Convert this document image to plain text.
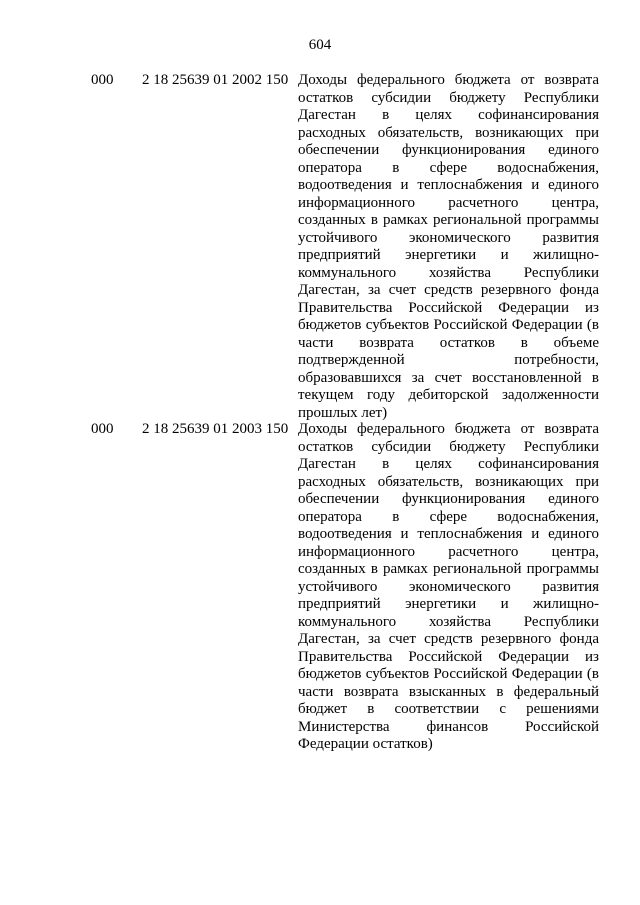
604
000 2 18 25639 01 2002 150 Доходы федерального бюджета от возврата
остатков субсидии бюджету Республики
Дагестан в целях софинансирования
расходных обязательств, возникающих при
обеспечении функционирования единого
оператора в сфере водоснабжения,
водоотведения и теплоснабжения и единого
информационного расчетного центра,
созданных в рамках региональной программы
устойчивого экономического развития
предприятий энергетики и жилищно-
коммунального хозяйства Республики
Дагестан, за счет средств резервного фонда
Правительства Российской Федерации из
бюджетов субъектов Российской Федерации (в
части возврата остатков в объеме
подтвержденной потребности,
образовавшихся за счет восстановленной в
текущем году дебиторской задолженности
прошлых лет)
000 2 18 25639 01 2003 150 Доходы федерального бюджета от возврата
остатков субсидии бюджету Республики
Дагестан в целях софинансирования
расходных обязательств, возникающих при
обеспечении функционирования единого
оператора в сфере водоснабжения,
водоотведения и теплоснабжения и единого
информационного расчетного центра,
созданных в рамках региональной программы
устойчивого экономического развития
предприятий энергетики и жилищно-
коммунального хозяйства Республики
Дагестан, за счет средств резервного фонда
Правительства Российской Федерации из
бюджетов субъектов Российской Федерации (в
части возврата взысканных в федеральный
бюджет в соответствии с решениями
Министерства финансов Российской
Федерации остатков)
